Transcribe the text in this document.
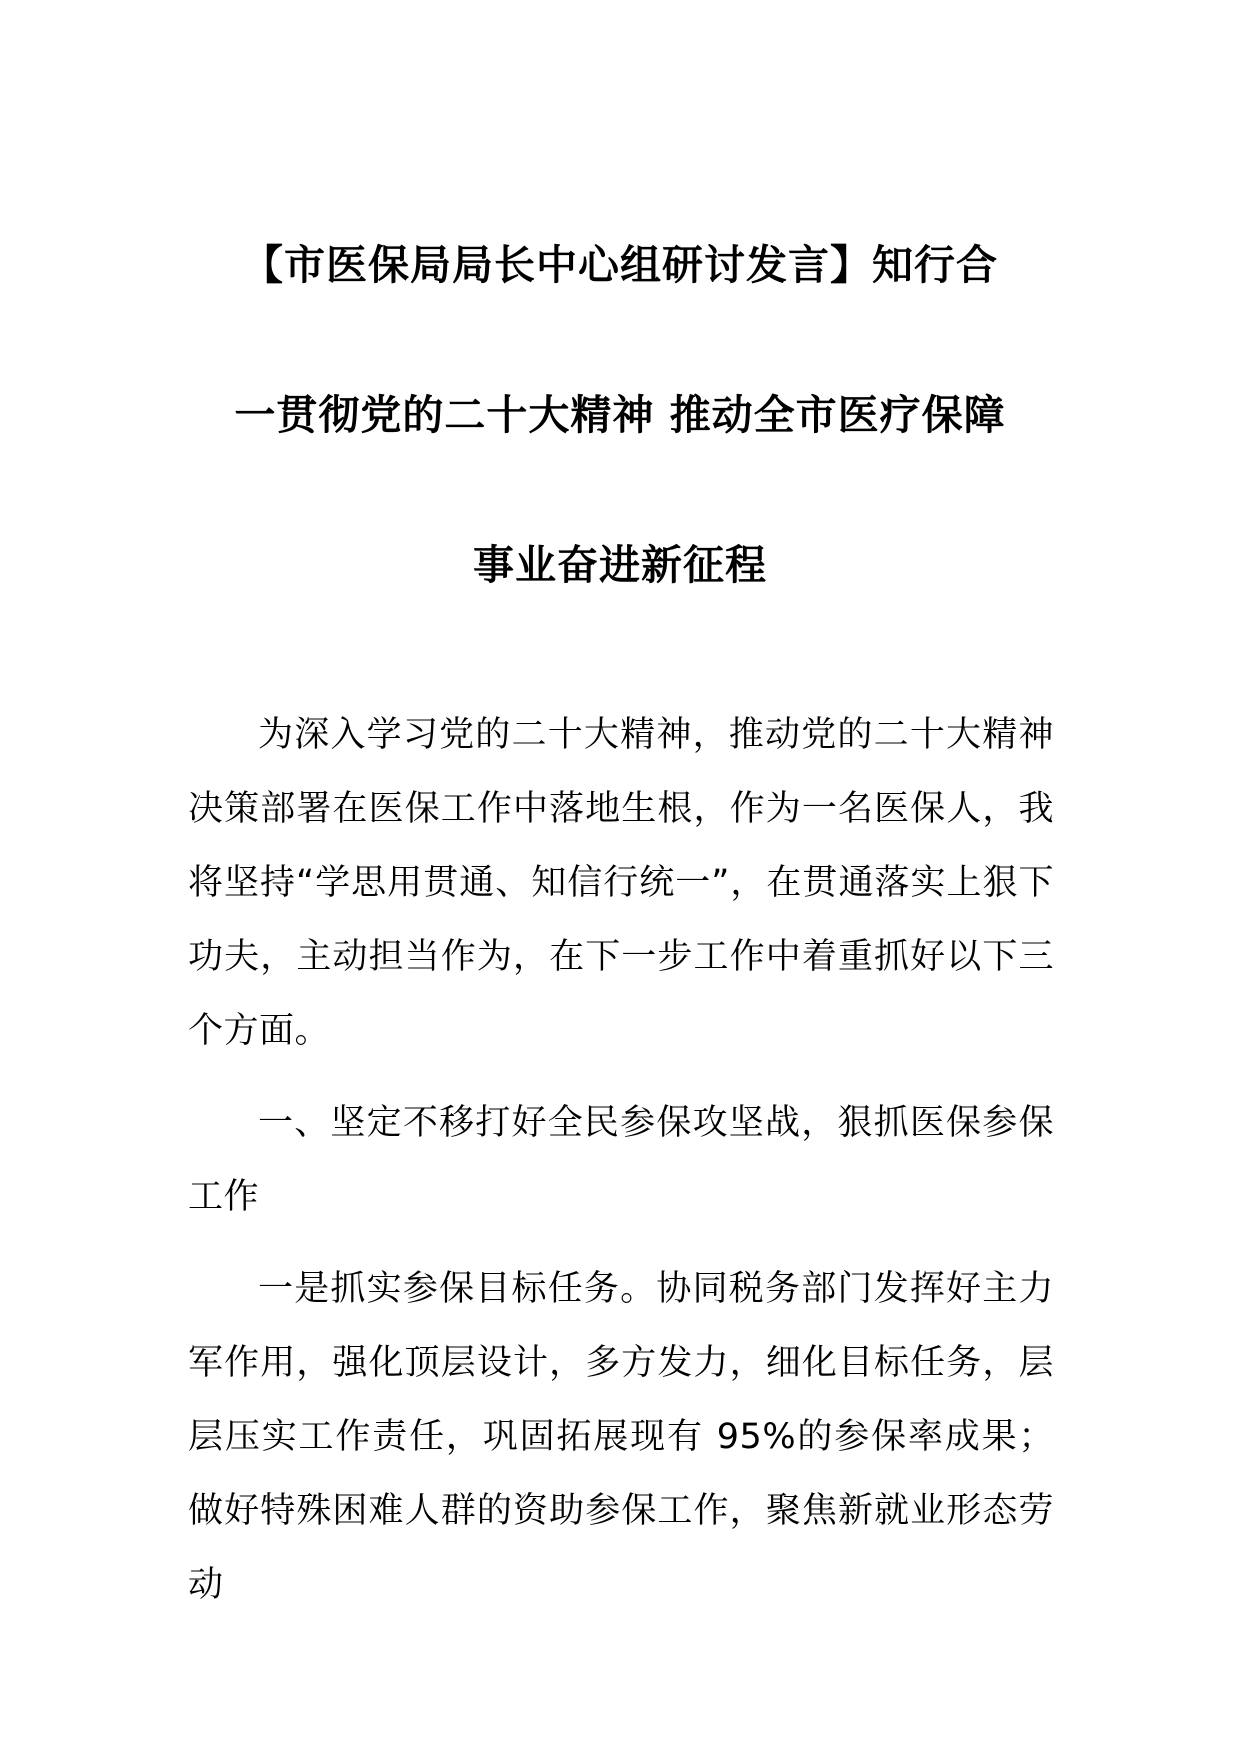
【市医保局局长中心组研讨发言】知行合
一贯彻党的二十大精神 推动全市医疗保障
事业奋进新征程

为深入学习党的二十大精神，推动党的二十大精神决策部署在医保工作中落地生根，作为一名医保人，我将坚持“学思用贯通、知信行统一”，在贯通落实上狠下功夫，主动担当作为，在下一步工作中着重抓好以下三个方面。

一、坚定不移打好全民参保攻坚战，狠抓医保参保工作

一是抓实参保目标任务。协同税务部门发挥好主力军作用，强化顶层设计，多方发力，细化目标任务，层层压实工作责任，巩固拓展现有 95%的参保率成果；做好特殊困难人群的资助参保工作，聚焦新就业形态劳动
